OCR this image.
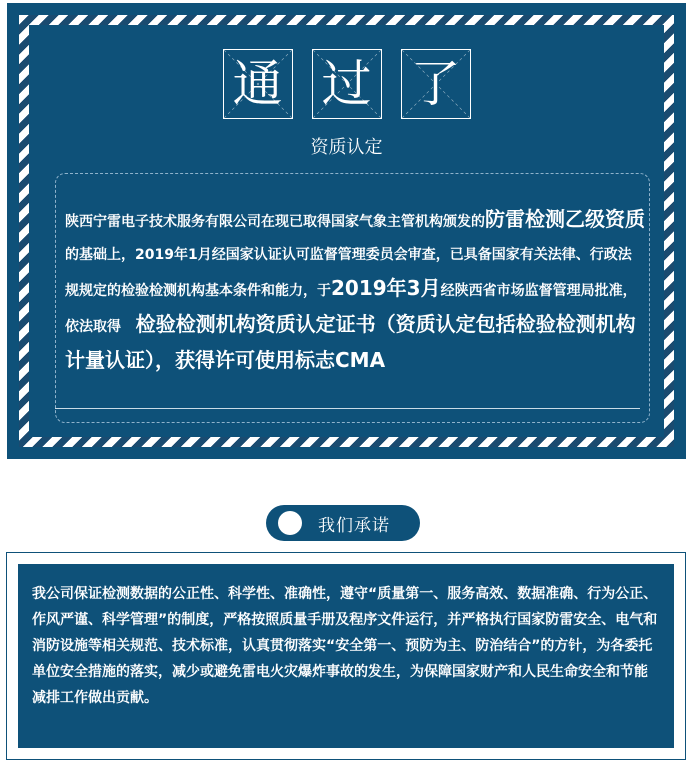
通 过 了
资质认定
陕西宁雷电子技术服务有限公司在现已取得国家气象主管机构颁发的防雷检测乙级资质的基础上，2019年1月经国家认证认可监督管理委员会审查，已具备国家有关法律、行政法规规定的检验检测机构基本条件和能力，于2019年3月经陕西省市场监督管理局批准，依法取得 检验检测机构资质认定证书（资质认定包括检验检测机构计量认证），获得许可使用标志CMA
我们承诺
我公司保证检测数据的公正性、科学性、准确性，遵守“质量第一、服务高效、数据准确、行为公正、作风严谨、科学管理”的制度，严格按照质量手册及程序文件运行，并严格执行国家防雷安全、电气和消防设施等相关规范、技术标准，认真贯彻落实“安全第一、预防为主、防治结合”的方针，为各委托单位安全措施的落实，减少或避免雷电火灾爆炸事故的发生，为保障国家财产和人民生命安全和节能减排工作做出贡献。
